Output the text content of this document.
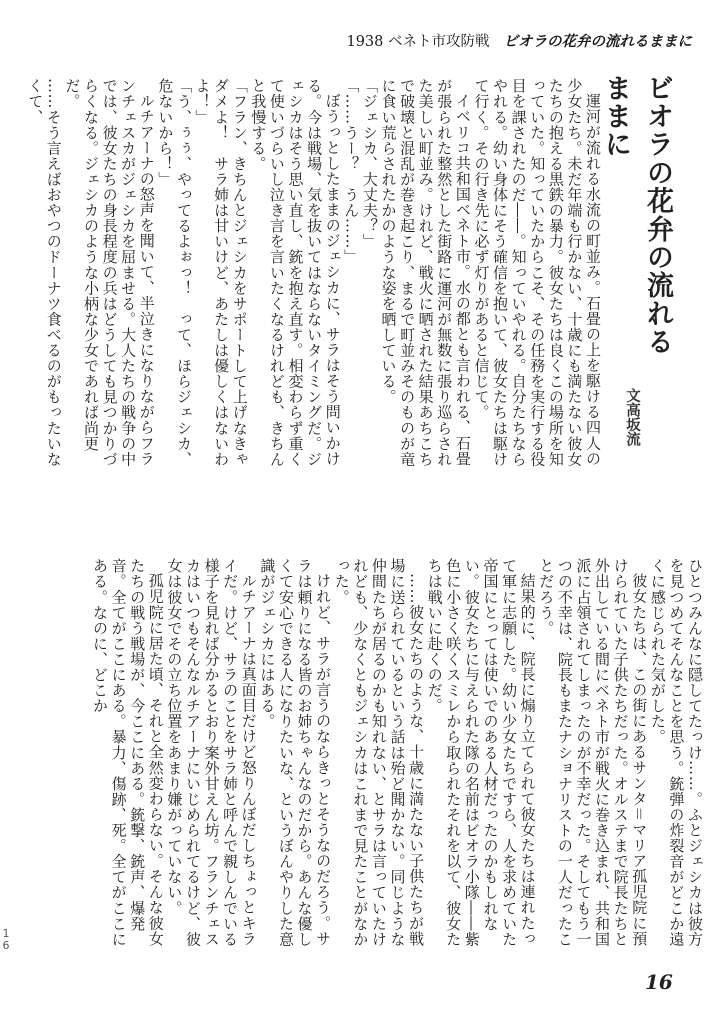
1938 ベネト市攻防戦 ビオラの花弁の流れるままに
ビオラの花弁の流れるままに
文高坂流

運河が流れる水流の町並み。石畳の上を駆ける四人の少女たち。未だ年端も行かない、十歳にも満たない彼女たちの抱える黒鉄の暴力。彼女たちは良くこの場所を知っていた。知っていたからこそ、その任務を実行する役目を課されたのだ――。知っていやれる。自分たちならやれる。幼い身体にそう確信を抱いて、彼女たちは駆けて行く。その行き先に必ず灯りがあると信じて。

イベリコ共和国ベネト市。水の都とも言われる、石畳が張られた整然とした街路に運河が無数に張り巡らされた美しい町並み。けれど、戦火に晒された結果あちこちで破壊と混乱が巻き起こり、まるで町並みそのものが竜に食い荒らされたかのような姿を晒している。

「ジェシカ、大丈夫？」

「……うー？　うん……」

ぼうっとしたままのジェシカに、サラはそう問いかける。今は戦場、気を抜いてはならないタイミングだ。ジェシカはそう思い直し、銃を抱え直す。相変わらず重くて使いづらいし泣き言を言いたくなるけれども、きちんと我慢する。

「フラン、きちんとジェシカをサポートして上げなきゃダメよ！　サラ姉は甘いけど、あたしは優しくはないわよ！」

「う、ぅぅ、やってるよぉっ！　って、ほらジェシカ、危ないから！」

ルチアーナの怒声を聞いて、半泣きになりながらフランチェスカがジェシカを屈ませる。大人たちの戦争の中では、彼女たちの身長程度の兵はどうしても見つかりづらくなる。ジェシカのような小柄な少女であれば尚更だ。

……そう言えばおやつのドーナツ食べるのがもったいなくて、

ひとつみんなに隠してたっけ……。ふとジェシカは彼方を見つめてそんなことを思う。銃弾の炸裂音がどこか遠くに感じられた気がした。

彼女たちは、この街にあるサンタ＝マリア孤児院に預けられていた子供たちだった。オルステまで院長たちと外出している間にベネト市が戦火に巻き込まれ、共和国派に占領されてしまったのが不幸だった。そしてもう一つの不幸は、院長もまたナショナリストの一人だったことだろう。

結果的に、院長に煽り立てられて彼女たちは連れたって軍に志願した。幼い少女たちですら、人を求めていた帝国にとっては使いでのある人材だったのかもしれない。彼女たちに与えられた隊の名前はビオラ小隊――紫色に小さく咲くスミレから取られたそれを以て、彼女たちは戦いに赴くのだ。

……彼女たちのような、十歳に満たない子供たちが戦場に送られているという話は殆ど聞かない。同じような仲間たちが居るのかも知れない、とサラは言っていたけれども、少なくともジェシカはこれまで見たことがなかった。

けれど、サラが言うのならきっとそうなのだろう。サラは頼りになる皆のお姉ちゃんなのだから。あんな優しくて安心できる人になりたいな、というぼんやりした意識がジェシカにはある。

ルチアーナは真面目だけど怒りんぼだしちょっとキライだ。けど、サラのことをサラ姉と呼んで親しんでいる様子を見れば分かるとおり案外甘えん坊。フランチェスカはいつもそんなルチアーナにいじめられてるけど、彼女は彼女でその立ち位置をあまり嫌がっていない。

孤児院に居た頃、それと全然変わらない。そんな彼女たちの戦う戦場が、今ここにある。銃撃、銃声、爆発音。全てがここにある。暴力、傷跡、死。全てがここにある。なのに、どこか

16
1
6
